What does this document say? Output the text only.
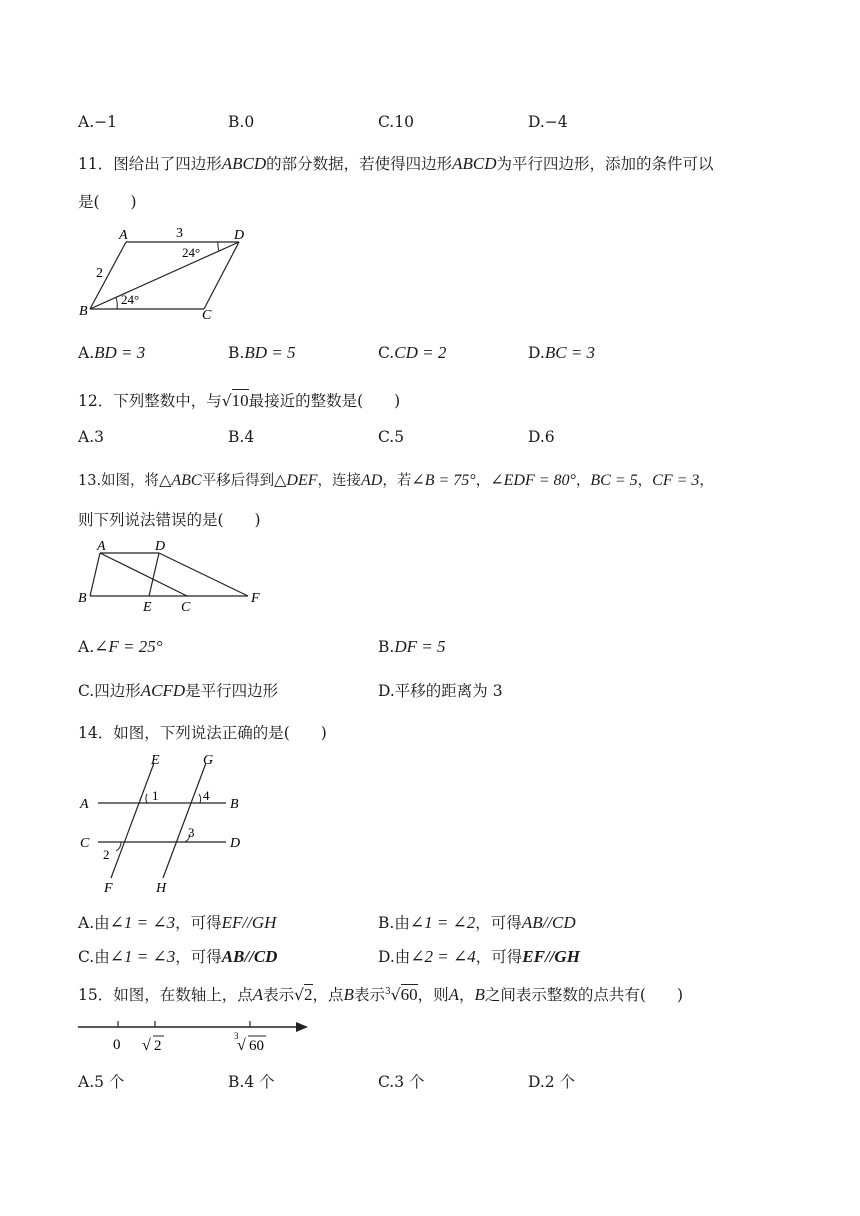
A.−1	B.0	C.10	D.−4
11．图给出了四边形ABCD的部分数据，若使得四边形ABCD为平行四边形，添加的条件可以
是(　　)
A	D
B	C
3
2
24°
24°
A.BD = 3	B.BD = 5	C.CD = 2	D.BC = 3
12．下列整数中，与√10最接近的整数是(　　)
A.3	B.4	C.5	D.6
13.如图，将△ABC平移后得到△DEF，连接AD，若∠B = 75°，∠EDF = 80°，BC = 5，CF = 3，
则下列说法错误的是(　　)
A	D
B
E C
F
A.∠F = 25°	B.DF = 5
C.四边形ACFD是平行四边形	D.平移的距离为 3
14．如图，下列说法正确的是(　　)
E	G
A	B
C	D
F	H
1	4
3
2
A.由∠1 = ∠3，可得EF//GH	B.由∠1 = ∠2，可得AB//CD
C.由∠1 = ∠3，可得AB//CD	D.由∠2 = ∠4，可得EF//GH
15．如图，在数轴上，点A表示√2，点B表示$^3$√60，则A，B之间表示整数的点共有(　　)
0 √ 2
3
√ 60
A.5 个	B.4 个	C.3 个	D.2 个
